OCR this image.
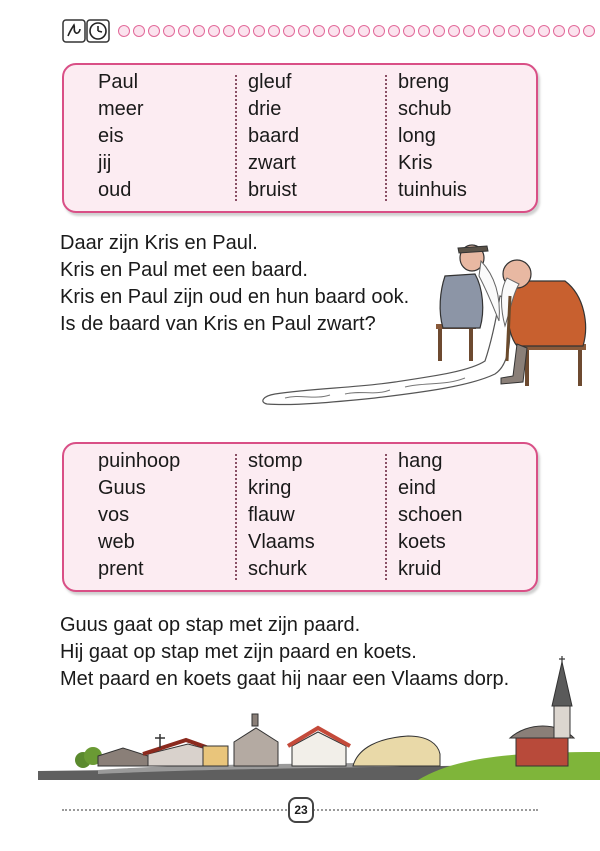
Paul
meer
eis
jij
oud
gleuf
drie
baard
zwart
bruist
breng
schub
long
Kris
tuinhuis
Daar zijn Kris en Paul.
Kris en Paul met een baard.
Kris en Paul zijn oud en hun baard ook.
Is de baard van Kris en Paul zwart?
puinhoop
Guus
vos
web
prent
stomp
kring
flauw
Vlaams
schurk
hang
eind
schoen
koets
kruid
Guus gaat op stap met zijn paard.
Hij gaat op stap met zijn paard en koets.
Met paard en koets gaat hij naar een Vlaams dorp.
23
